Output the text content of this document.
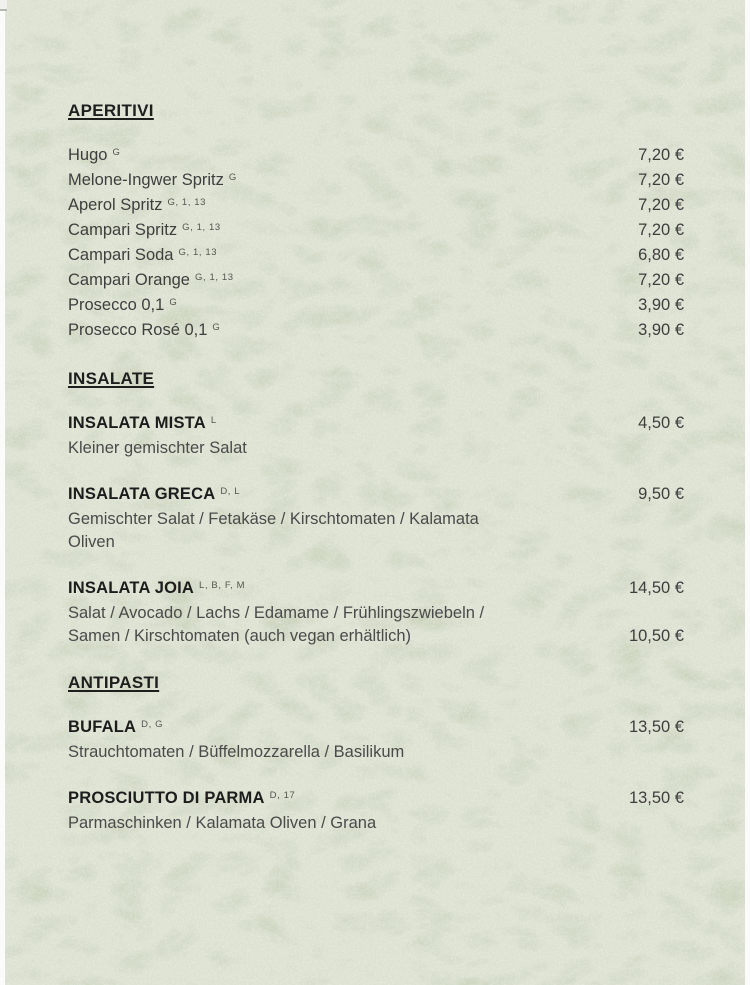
APERITIVI
Hugo $^G$	7,20 €
Melone-Ingwer Spritz $^G$	7,20 €
Aperol Spritz $^{G, 1, 13}$	7,20 €
Campari Spritz $^{G, 1, 13}$	7,20 €
Campari Soda $^{G, 1, 13}$	6,80 €
Campari Orange $^{G, 1, 13}$	7,20 €
Prosecco 0,1 $^G$	3,90 €
Prosecco Rosé 0,1 $^G$	3,90 €
INSALATE
INSALATA MISTA $^L$	4,50 €
Kleiner gemischter Salat
INSALATA GRECA $^{D, L}$	9,50 €
Gemischter Salat / Fetakäse / Kirschtomaten / Kalamata
Oliven
INSALATA JOIA $^{L, B, F, M}$	14,50 €
Salat / Avocado / Lachs / Edamame / Frühlingszwiebeln /
Samen / Kirschtomaten (auch vegan erhältlich)	10,50 €
ANTIPASTI
BUFALA $^{D, G}$	13,50 €
Strauchtomaten / Büffelmozzarella / Basilikum
PROSCIUTTO DI PARMA $^{D, 17}$	13,50 €
Parmaschinken / Kalamata Oliven / Grana
